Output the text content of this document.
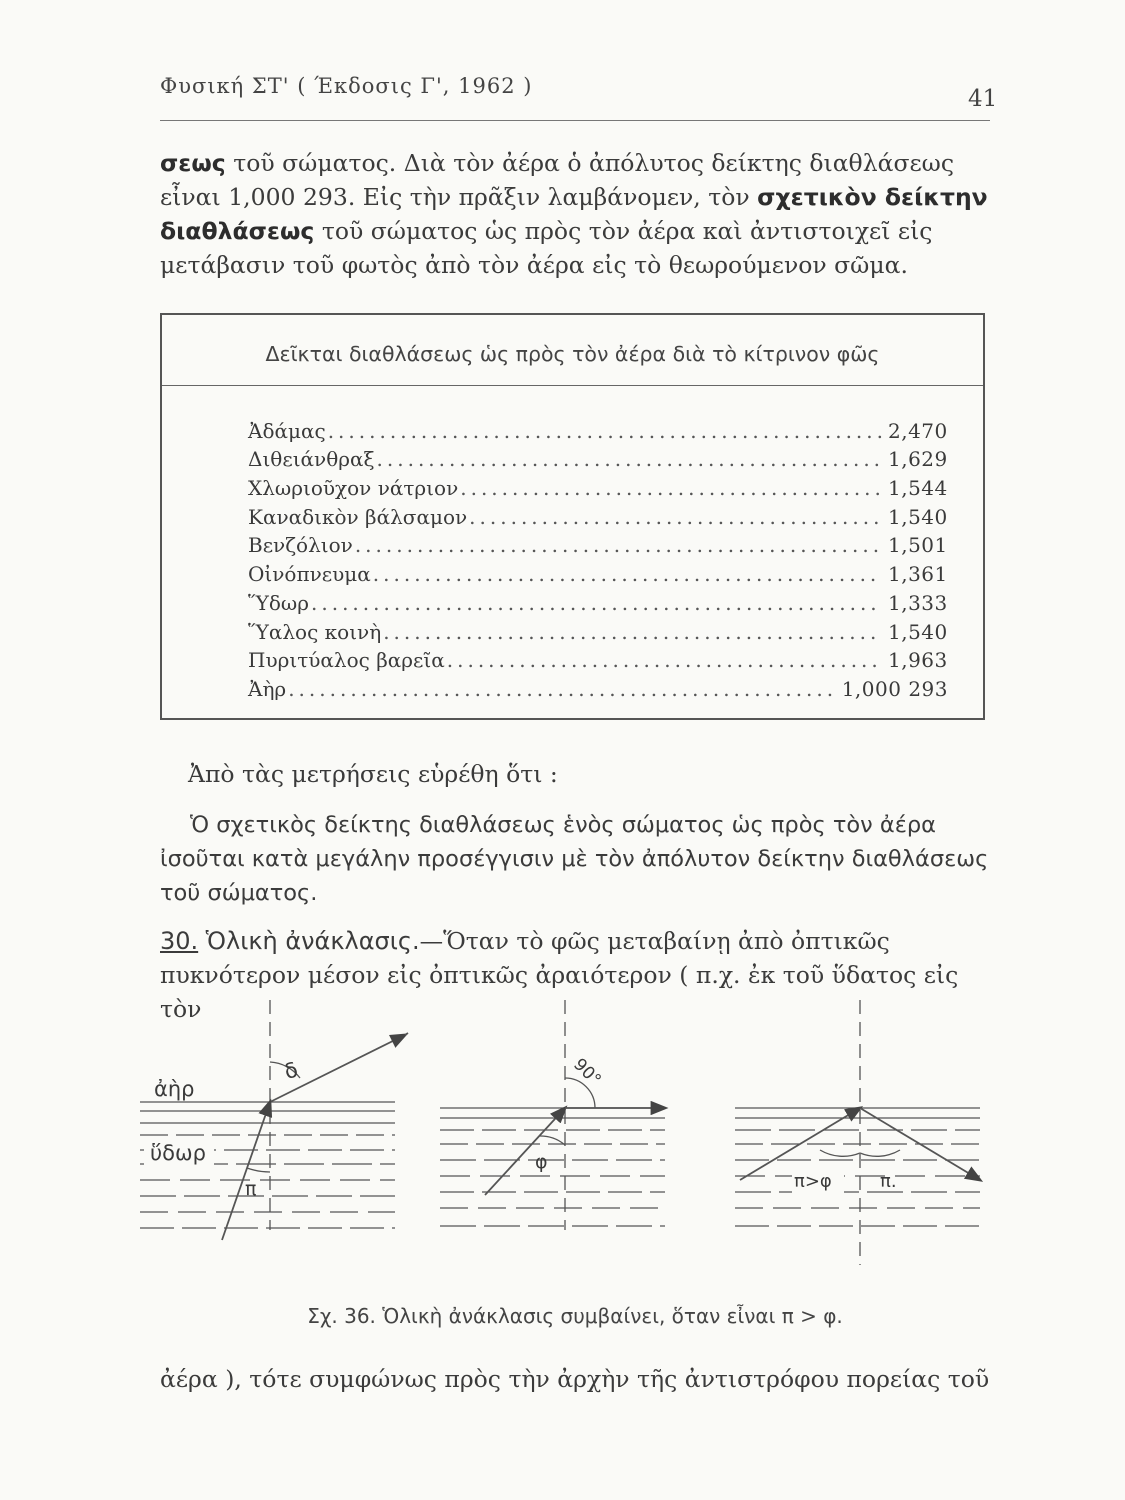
Φυσική ΣΤ' ( Έκδοσις Γ', 1962 )	41
σεως τοῦ σώματος. Διὰ τὸν ἀέρα ὁ ἀπόλυτος δείκτης διαθλάσεως εἶναι 1,000 293. Εἰς τὴν πρᾶξιν λαμβάνομεν, τὸν σχετικὸν δείκτην διαθλάσεως τοῦ σώματος ὡς πρὸς τὸν ἀέρα καὶ ἀντιστοιχεῖ εἰς μετάβασιν τοῦ φωτὸς ἀπὸ τὸν ἀέρα εἰς τὸ θεωρούμενον σῶμα.
Δεῖκται διαθλάσεως ὡς πρὸς τὸν ἀέρα διὰ τὸ κίτρινον φῶς
Ἀδάμας .....	2,470
Διθειάνθραξ .....	1,629
Χλωριοῦχον νάτριον .....	1,544
Καναδικὸν βάλσαμον .....	1,540
Βενζόλιον .....	1,501
Οἰνόπνευμα .....	1,361
Ὕδωρ .....	1,333
Ὕαλος κοινὴ .....	1,540
Πυριτύαλος βαρεῖα .....	1,963
Ἀὴρ .....	1,000 293
Ἀπὸ τὰς μετρήσεις εὑρέθη ὅτι :
Ὁ σχετικὸς δείκτης διαθλάσεως ἑνὸς σώματος ὡς πρὸς τὸν ἀέρα ἰσοῦται κατὰ μεγάλην προσέγγισιν μὲ τὸν ἀπόλυτον δείκτην διαθλάσεως τοῦ σώματος.
30. Ὁλικὴ ἀνάκλασις.—Ὅταν τὸ φῶς μεταβαίνῃ ἀπὸ ὀπτικῶς πυκνότερον μέσον εἰς ὀπτικῶς ἀραιότερον ( π.χ. ἐκ τοῦ ὕδατος εἰς τὸν
ἀὴρ
ὕδωρ
δ
π
90°
φ
π>φ	π.
Σχ. 36. Ὁλικὴ ἀνάκλασις συμβαίνει, ὅταν εἶναι π > φ.
ἀέρα ), τότε συμφώνως πρὸς τὴν ἀρχὴν τῆς ἀντιστρόφου πορείας τοῦ
